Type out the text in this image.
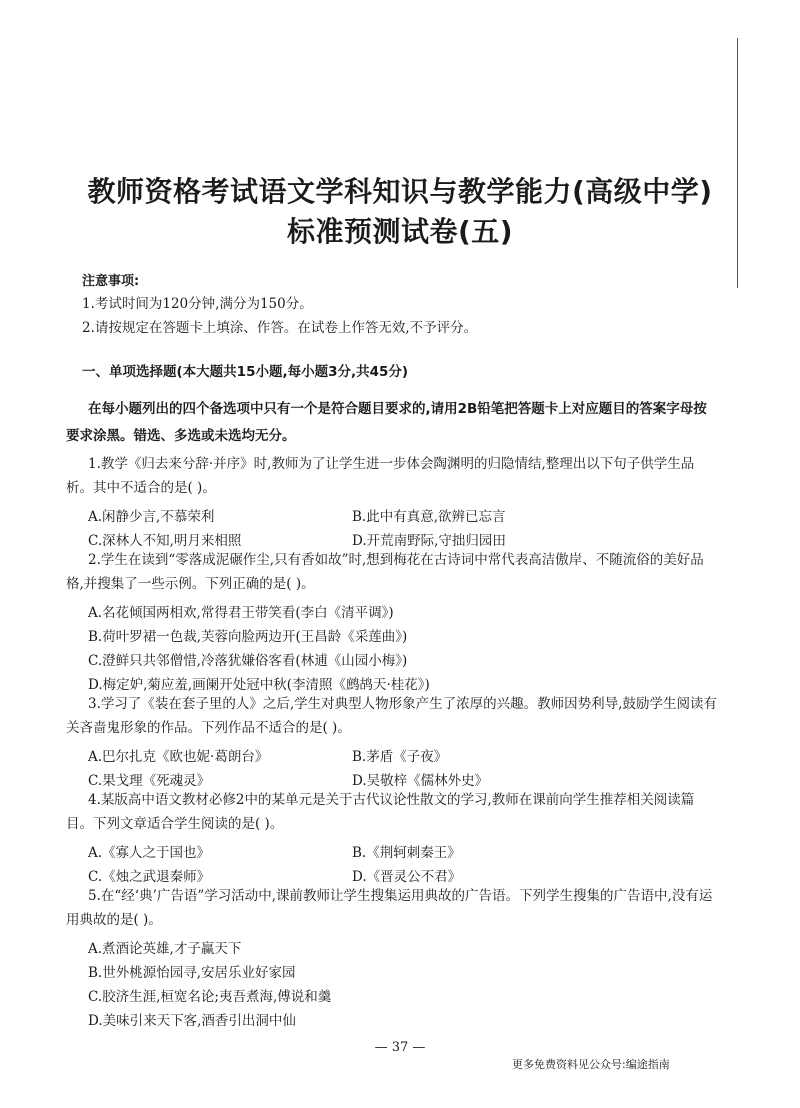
教师资格考试语文学科知识与教学能力(高级中学)
标准预测试卷(五)
注意事项:
1.考试时间为120分钟,满分为150分。
2.请按规定在答题卡上填涂、作答。在试卷上作答无效,不予评分。
一、单项选择题(本大题共15小题,每小题3分,共45分)
在每小题列出的四个备选项中只有一个是符合题目要求的,请用2B铅笔把答题卡上对应题目的答案字母按要求涂黑。错选、多选或未选均无分。
1.教学《归去来兮辞·并序》时,教师为了让学生进一步体会陶渊明的归隐情结,整理出以下句子供学生品析。其中不适合的是( )。
A.闲静少言,不慕荣利	B.此中有真意,欲辨已忘言
C.深林人不知,明月来相照	D.开荒南野际,守拙归园田
2.学生在读到“零落成泥碾作尘,只有香如故”时,想到梅花在古诗词中常代表高洁傲岸、不随流俗的美好品格,并搜集了一些示例。下列正确的是( )。
A.名花倾国两相欢,常得君王带笑看(李白《清平调》)
B.荷叶罗裙一色裁,芙蓉向脸两边开(王昌龄《采莲曲》)
C.澄鲜只共邻僧惜,冷落犹嫌俗客看(林逋《山园小梅》)
D.梅定妒,菊应羞,画阑开处冠中秋(李清照《鹧鸪天·桂花》)
3.学习了《装在套子里的人》之后,学生对典型人物形象产生了浓厚的兴趣。教师因势利导,鼓励学生阅读有关吝啬鬼形象的作品。下列作品不适合的是( )。
A.巴尔扎克《欧也妮·葛朗台》	B.茅盾《子夜》
C.果戈理《死魂灵》	D.吴敬梓《儒林外史》
4.某版高中语文教材必修2中的某单元是关于古代议论性散文的学习,教师在课前向学生推荐相关阅读篇目。下列文章适合学生阅读的是( )。
A.《寡人之于国也》	B.《荆轲刺秦王》
C.《烛之武退秦师》	D.《晋灵公不君》
5.在“经‘典’广告语”学习活动中,课前教师让学生搜集运用典故的广告语。下列学生搜集的广告语中,没有运用典故的是( )。
A.煮酒论英雄,才子赢天下
B.世外桃源怡园寻,安居乐业好家园
C.胶济生涯,桓宽名论;夷吾煮海,傅说和羹
D.美味引来天下客,酒香引出洞中仙
— 37 —
更多免费资料见公众号:编途指南
